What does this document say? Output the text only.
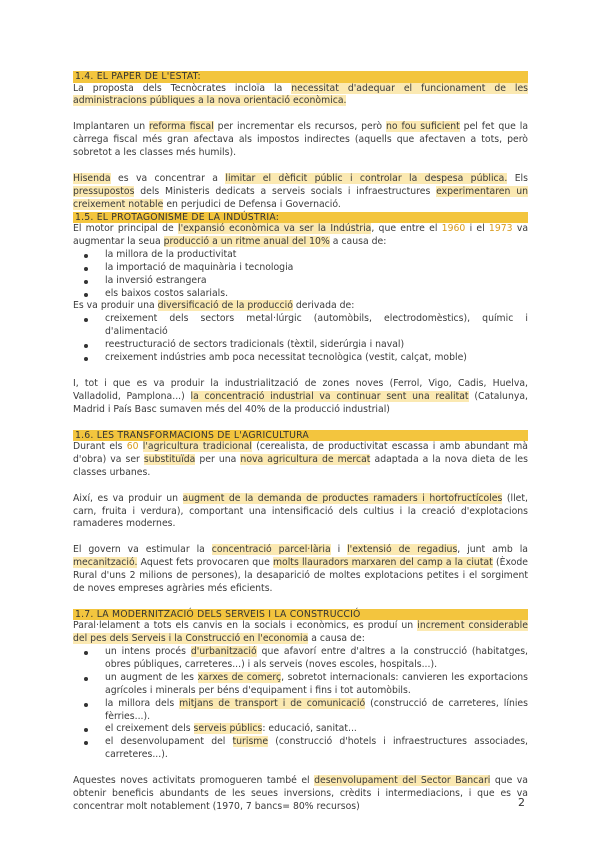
1.4. EL PAPER DE L'ESTAT:

La proposta dels Tecnòcrates incloïa la necessitat d'adequar el funcionament de les administracions públiques a la nova orientació econòmica.

Implantaren un reforma fiscal per incrementar els recursos, però no fou suficient pel fet que la càrrega fiscal més gran afectava als impostos indirectes (aquells que afectaven a tots, però sobretot a les classes més humils).

Hisenda es va concentrar a limitar el dèficit públic i controlar la despesa pública. Els pressupostos dels Ministeris dedicats a serveis socials i infraestructures experimentaren un creixement notable en perjudici de Defensa i Governació.

1.5. EL PROTAGONISME DE LA INDÚSTRIA:

El motor principal de l'expansió econòmica va ser la Indústria, que entre el 1960 i el 1973 va augmentar la seua producció a un ritme anual del 10% a causa de:

la millora de la productivitat
la importació de maquinària i tecnologia
la inversió estrangera
els baixos costos salarials.

Es va produir una diversificació de la producció derivada de:

creixement dels sectors metal·lúrgic (automòbils, electrodomèstics), químic i d'alimentació
reestructuració de sectors tradicionals (tèxtil, siderúrgia i naval)
creixement indústries amb poca necessitat tecnològica (vestit, calçat, moble)

I, tot i que es va produir la industrialització de zones noves (Ferrol, Vigo, Cadis, Huelva, Valladolid, Pamplona...) la concentració industrial va continuar sent una realitat (Catalunya, Madrid i País Basc sumaven més del 40% de la producció industrial)

1.6. LES TRANSFORMACIONS DE L'AGRICULTURA

Durant els 60 l'agricultura tradicional (cerealista, de productivitat escassa i amb abundant mà d'obra) va ser substituïda per una nova agricultura de mercat adaptada a la nova dieta de les classes urbanes.

Així, es va produir un augment de la demanda de productes ramaders i hortofructícoles (llet, carn, fruita i verdura), comportant una intensificació dels cultius i la creació d'explotacions ramaderes modernes.

El govern va estimular la concentració parcel·lària i l'extensió de regadius, junt amb la mecanització. Aquest fets provocaren que molts llauradors marxaren del camp a la ciutat (Èxode Rural d'uns 2 milions de persones), la desaparició de moltes explotacions petites i el sorgiment de noves empreses agràries més eficients.

1.7. LA MODERNITZACIÓ DELS SERVEIS I LA CONSTRUCCIÓ

Paral·lelament a tots els canvis en la socials i econòmics, es produí un increment considerable del pes dels Serveis i la Construcció en l'economia a causa de:

un intens procés d'urbanització que afavorí entre d'altres a la construcció (habitatges, obres públiques, carreteres...) i als serveis (noves escoles, hospitals...).
un augment de les xarxes de comerç, sobretot internacionals: canvieren les exportacions agrícoles i minerals per béns d'equipament i fins i tot automòbils.
la millora dels mitjans de transport i de comunicació (construcció de carreteres, línies fèrries...).
el creixement dels serveis públics: educació, sanitat...
el desenvolupament del turisme (construcció d'hotels i infraestructures associades, carreteres...).

Aquestes noves activitats promogueren també el desenvolupament del Sector Bancari que va obtenir beneficis abundants de les seues inversions, crèdits i intermediacions, i que es va concentrar molt notablement (1970, 7 bancs= 80% recursos)	2
